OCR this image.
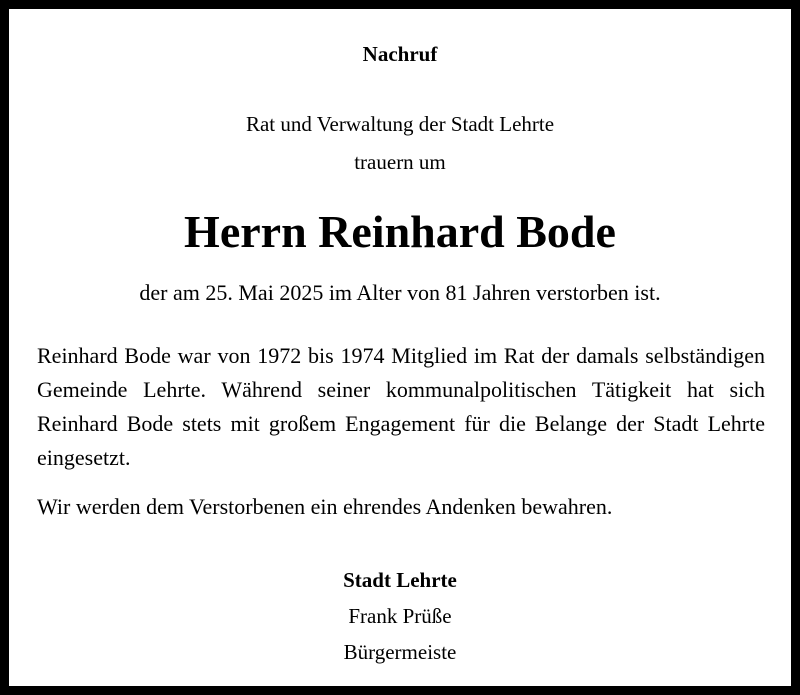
Nachruf
Rat und Verwaltung der Stadt Lehrte
trauern um
Herrn Reinhard Bode
der am 25. Mai 2025 im Alter von 81 Jahren verstorben ist.
Reinhard Bode war von 1972 bis 1974 Mitglied im Rat der damals selbständigen Gemeinde Lehrte. Während seiner kommunalpolitischen Tätigkeit hat sich Reinhard Bode stets mit großem Engagement für die Belange der Stadt Lehrte eingesetzt.
Wir werden dem Verstorbenen ein ehrendes Andenken bewahren.
Stadt Lehrte
Frank Prüße
Bürgermeiste
